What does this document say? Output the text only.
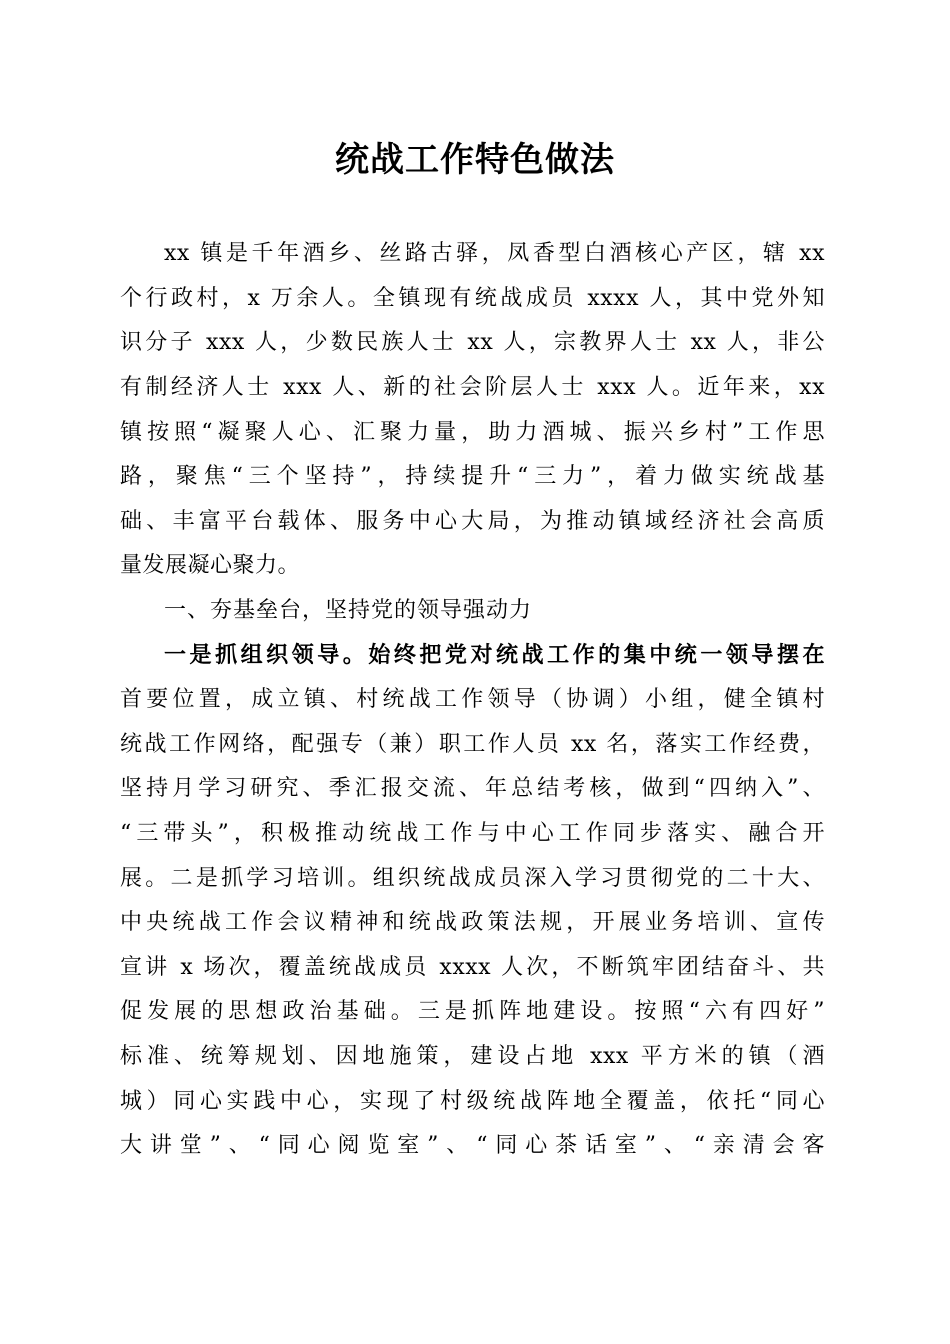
统战工作特色做法
xx 镇是千年酒乡、丝路古驿，凤香型白酒核心产区，辖 xx
个行政村，x 万余人。全镇现有统战成员 xxxx 人，其中党外知
识分子 xxx 人，少数民族人士 xx 人，宗教界人士 xx 人，非公
有制经济人士 xxx 人、新的社会阶层人士 xxx 人。近年来，xx
镇按照“凝聚人心、汇聚力量，助力酒城、振兴乡村”工作思
路，聚焦“三个坚持”，持续提升“三力”，着力做实统战基
础、丰富平台载体、服务中心大局，为推动镇域经济社会高质
量发展凝心聚力。
一、夯基垒台，坚持党的领导强动力
一是抓组织领导。始终把党对统战工作的集中统一领导摆在
首要位置，成立镇、村统战工作领导（协调）小组，健全镇村
统战工作网络，配强专（兼）职工作人员 xx 名，落实工作经费，
坚持月学习研究、季汇报交流、年总结考核，做到“四纳入”、
“三带头”，积极推动统战工作与中心工作同步落实、融合开
展。二是抓学习培训。组织统战成员深入学习贯彻党的二十大、
中央统战工作会议精神和统战政策法规，开展业务培训、宣传
宣讲 x 场次，覆盖统战成员 xxxx 人次，不断筑牢团结奋斗、共
促发展的思想政治基础。三是抓阵地建设。按照“六有四好”
标准、统筹规划、因地施策，建设占地 xxx 平方米的镇（酒
城）同心实践中心，实现了村级统战阵地全覆盖，依托“同心
大讲堂”、“同心阅览室”、“同心茶话室”、“亲清会客
